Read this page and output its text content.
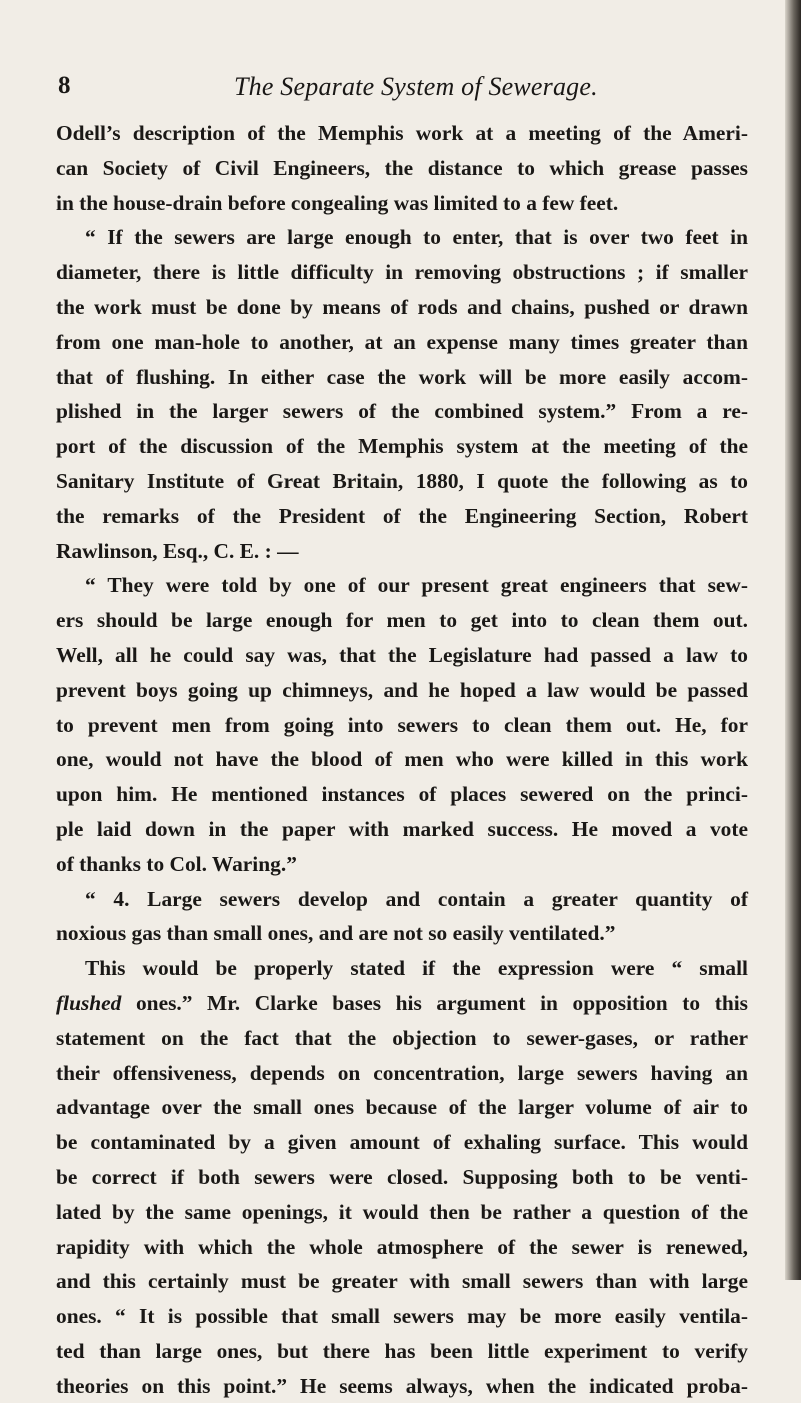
8	The Separate System of Sewerage.
Odell’s description of the Memphis work at a meeting of the Ameri-
can Society of Civil Engineers, the distance to which grease passes
in the house-drain before congealing was limited to a few feet.
“ If the sewers are large enough to enter, that is over two feet in
diameter, there is little difficulty in removing obstructions ; if smaller
the work must be done by means of rods and chains, pushed or drawn
from one man-hole to another, at an expense many times greater than
that of flushing. In either case the work will be more easily accom-
plished in the larger sewers of the combined system.” From a re-
port of the discussion of the Memphis system at the meeting of the
Sanitary Institute of Great Britain, 1880, I quote the following as to
the remarks of the President of the Engineering Section, Robert
Rawlinson, Esq., C. E. : —
“ They were told by one of our present great engineers that sew-
ers should be large enough for men to get into to clean them out.
Well, all he could say was, that the Legislature had passed a law to
prevent boys going up chimneys, and he hoped a law would be passed
to prevent men from going into sewers to clean them out. He, for
one, would not have the blood of men who were killed in this work
upon him. He mentioned instances of places sewered on the princi-
ple laid down in the paper with marked success. He moved a vote
of thanks to Col. Waring.”
“ 4. Large sewers develop and contain a greater quantity of
noxious gas than small ones, and are not so easily ventilated.”
This would be properly stated if the expression were “ small
flushed ones.” Mr. Clarke bases his argument in opposition to this
statement on the fact that the objection to sewer-gases, or rather
their offensiveness, depends on concentration, large sewers having an
advantage over the small ones because of the larger volume of air to
be contaminated by a given amount of exhaling surface. This would
be correct if both sewers were closed. Supposing both to be venti-
lated by the same openings, it would then be rather a question of the
rapidity with which the whole atmosphere of the sewer is renewed,
and this certainly must be greater with small sewers than with large
ones. “ It is possible that small sewers may be more easily ventila-
ted than large ones, but there has been little experiment to verify
theories on this point.” He seems always, when the indicated proba-
